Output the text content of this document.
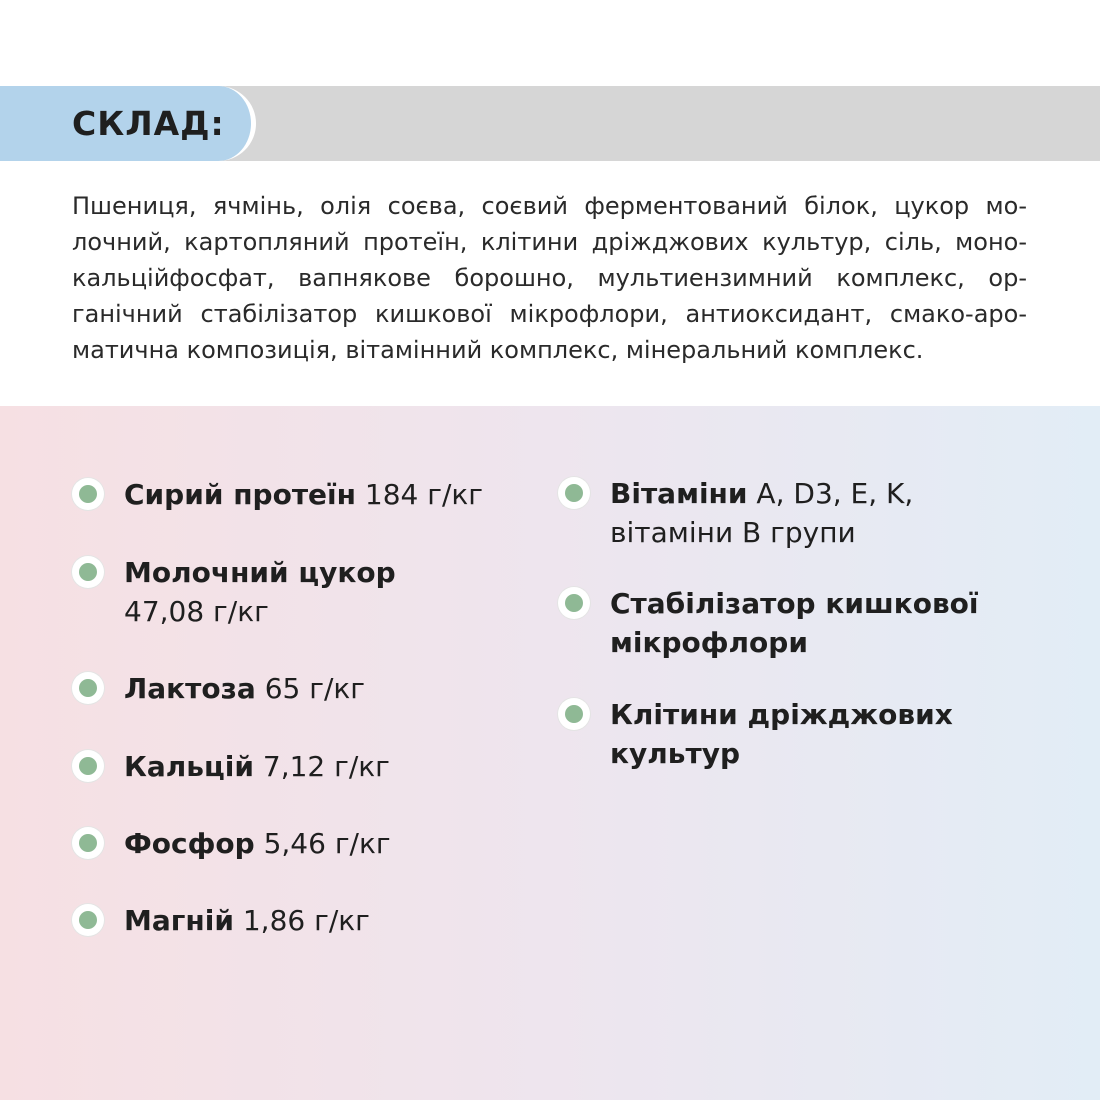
СКЛАД:
Пшениця, ячмінь, олія соєва, соєвий ферментований білок, цукор мо-
лочний, картопляний протеїн, клітини дріжджових культур, сіль, моно-
кальційфосфат, вапнякове борошно, мультиензимний комплекс, ор-
ганічний стабілізатор кишкової мікрофлори, антиоксидант, смако-аро-
матична композиція, вітамінний комплекс, мінеральний комплекс.
Сирий протеїн 184 г/кг
Молочний цукор
47,08 г/кг
Лактоза 65 г/кг
Кальцій 7,12 г/кг
Фосфор 5,46 г/кг
Магній 1,86 г/кг
Вітаміни A, D3, E, K,
вітаміни B групи
Стабілізатор кишкової
мікрофлори
Клітини дріжджових
культур
